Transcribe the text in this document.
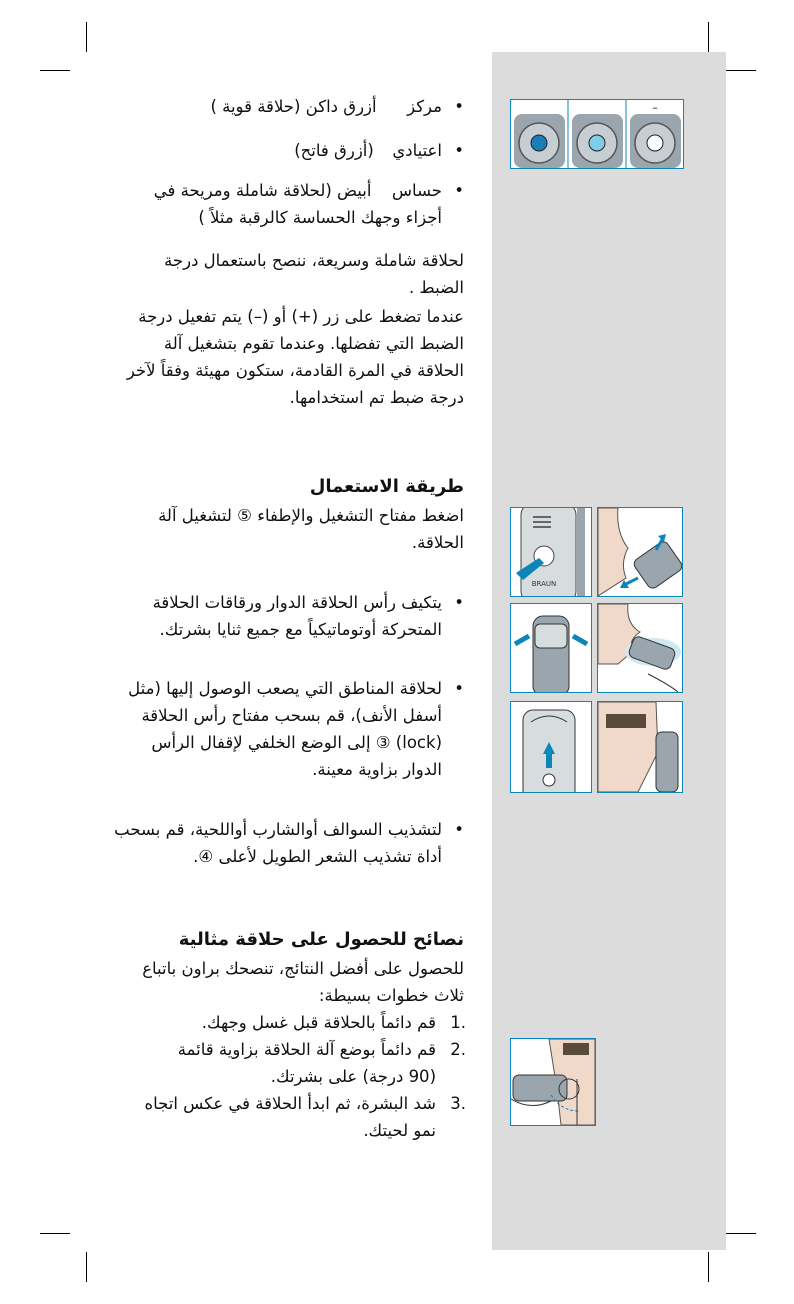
• مركز  أزرق داكن (حلاقة قوية )
• اعتيادي  (أزرق فاتح)
• حساس  أبيض (لحلاقة شاملة ومريحة في
أجزاء وجهك الحساسة كالرقبة مثلاً )
لحلاقة شاملة وسريعة، ننصح باستعمال درجة
الضبط .
عندما تضغط على زر (+) أو (–) يتم تفعيل درجة
الضبط التي تفضلها. وعندما تقوم بتشغيل آلة
الحلاقة في المرة القادمة، ستكون مهيئة وفقاً لآخر
درجة ضبط تم استخدامها.
طريقة الاستعمال
اضغط مفتاح التشغيل والإطفاء ⑤ لتشغيل آلة
الحلاقة.
• يتكيف رأس الحلاقة الدوار ورقاقات الحلاقة
المتحركة أوتوماتيكياً مع جميع ثنايا بشرتك.
• لحلاقة المناطق التي يصعب الوصول إليها (مثل
أسفل الأنف)، قم بسحب مفتاح رأس الحلاقة
(lock) ③ إلى الوضع الخلفي لإقفال الرأس
الدوار بزاوية معينة.
• لتشذيب السوالف أوالشارب أواللحية، قم بسحب
أداة تشذيب الشعر الطويل لأعلى ④.
نصائح للحصول على حلاقة مثالية
للحصول على أفضل النتائج، تنصحك براون باتباع
ثلاث خطوات بسيطة:
1.
قم دائماً بالحلاقة قبل غسل وجهك.
2.
قم دائماً بوضع آلة الحلاقة بزاوية قائمة
(90 درجة) على بشرتك.
3.
شد البشرة، ثم ابدأ الحلاقة في عكس اتجاه
نمو لحيتك.
–
BRAUN
